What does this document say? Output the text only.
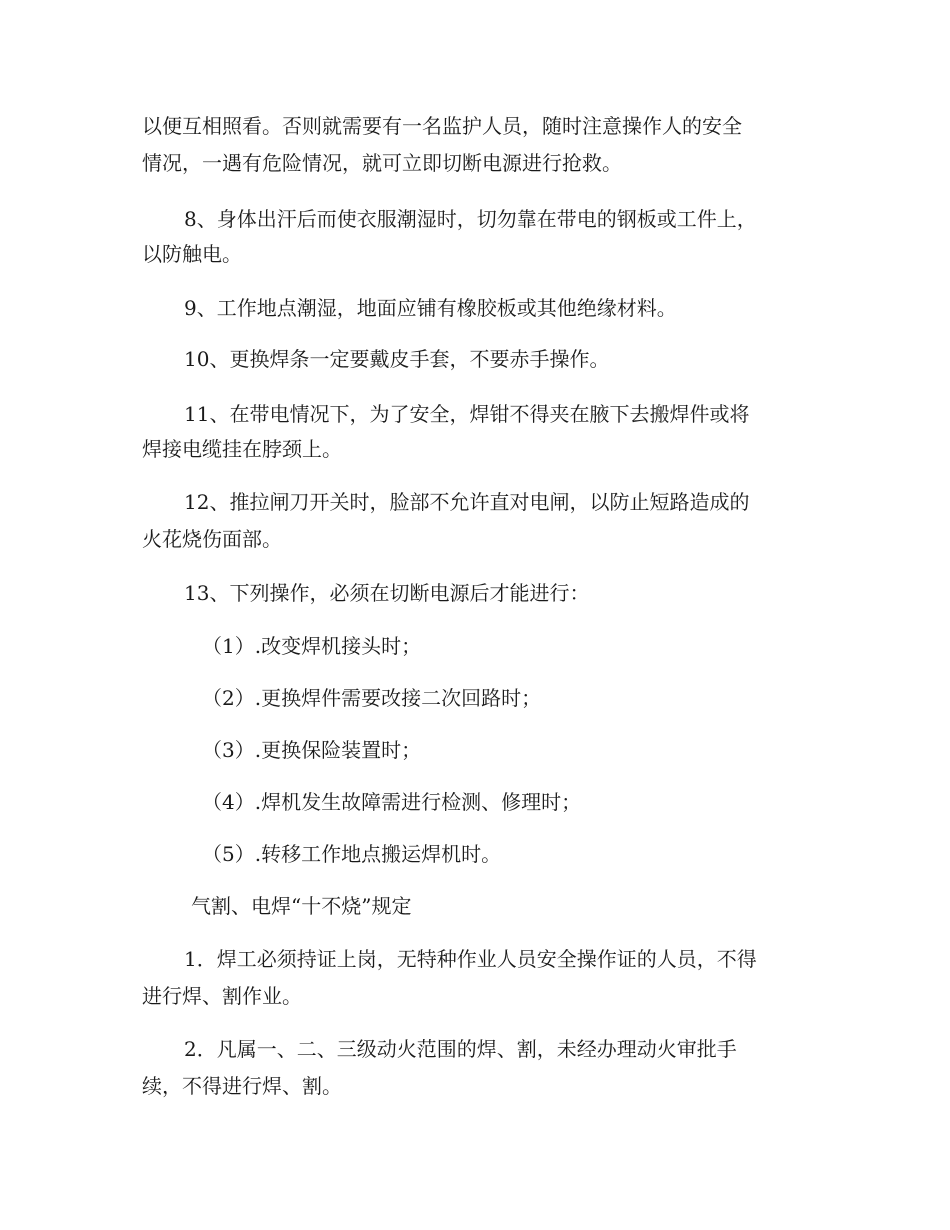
以便互相照看。否则就需要有一名监护人员，随时注意操作人的安全
情况，一遇有危险情况，就可立即切断电源进行抢救。
8、身体出汗后而使衣服潮湿时，切勿靠在带电的钢板或工件上，
以防触电。
9、工作地点潮湿，地面应铺有橡胶板或其他绝缘材料。
10、更换焊条一定要戴皮手套，不要赤手操作。
11、在带电情况下，为了安全，焊钳不得夹在腋下去搬焊件或将
焊接电缆挂在脖颈上。
12、推拉闸刀开关时，脸部不允许直对电闸，以防止短路造成的
火花烧伤面部。
13、下列操作，必须在切断电源后才能进行：
（1）.改变焊机接头时；
（2）.更换焊件需要改接二次回路时；
（3）.更换保险装置时；
（4）.焊机发生故障需进行检测、修理时；
（5）.转移工作地点搬运焊机时。
气割、电焊“十不烧”规定
1．焊工必须持证上岗，无特种作业人员安全操作证的人员，不得
进行焊、割作业。
2．凡属一、二、三级动火范围的焊、割，未经办理动火审批手
续，不得进行焊、割。
